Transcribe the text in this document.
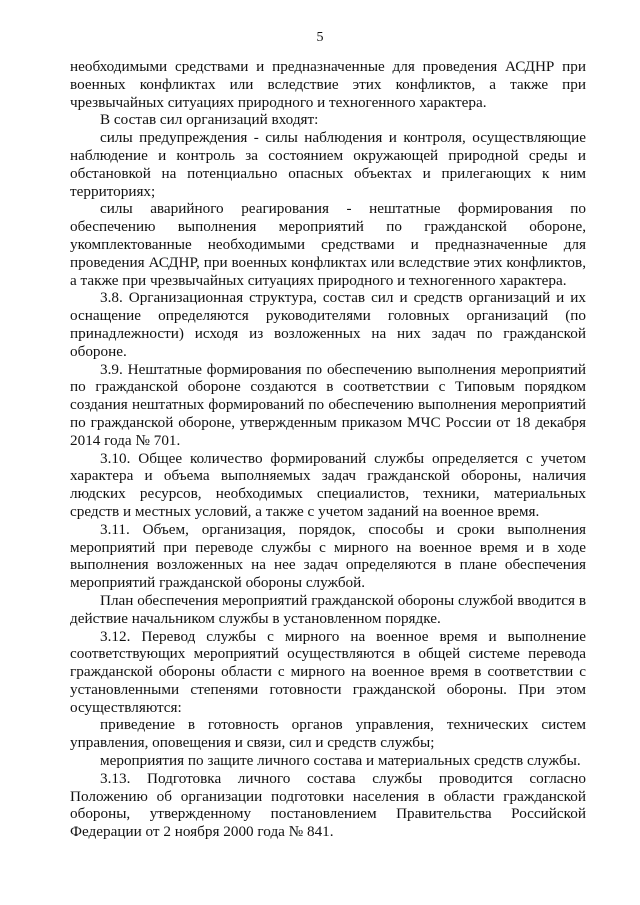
5

необходимыми средствами и предназначенные для проведения АСДНР при военных конфликтах или вследствие этих конфликтов, а также при чрезвычайных ситуациях природного и техногенного характера.

В состав сил организаций входят:

силы предупреждения - силы наблюдения и контроля, осуществляющие наблюдение и контроль за состоянием окружающей природной среды и обстановкой на потенциально опасных объектах и прилегающих к ним территориях;

силы аварийного реагирования - нештатные формирования по обеспечению выполнения мероприятий по гражданской обороне, укомплектованные необходимыми средствами и предназначенные для проведения АСДНР, при военных конфликтах или вследствие этих конфликтов, а также при чрезвычайных ситуациях природного и техногенного характера.

3.8. Организационная структура, состав сил и средств организаций и их оснащение определяются руководителями головных организаций (по принадлежности) исходя из возложенных на них задач по гражданской обороне.

3.9. Нештатные формирования по обеспечению выполнения мероприятий по гражданской обороне создаются в соответствии с Типовым порядком создания нештатных формирований по обеспечению выполнения мероприятий по гражданской обороне, утвержденным приказом МЧС России от 18 декабря 2014 года № 701.

3.10. Общее количество формирований службы определяется с учетом характера и объема выполняемых задач гражданской обороны, наличия людских ресурсов, необходимых специалистов, техники, материальных средств и местных условий, а также с учетом заданий на военное время.

3.11. Объем, организация, порядок, способы и сроки выполнения мероприятий при переводе службы с мирного на военное время и в ходе выполнения возложенных на нее задач определяются в плане обеспечения мероприятий гражданской обороны службой.

План обеспечения мероприятий гражданской обороны службой вводится в действие начальником службы в установленном порядке.

3.12. Перевод службы с мирного на военное время и выполнение соответствующих мероприятий осуществляются в общей системе перевода гражданской обороны области с мирного на военное время в соответствии с установленными степенями готовности гражданской обороны. При этом осуществляются:

приведение в готовность органов управления, технических систем управления, оповещения и связи, сил и средств службы;

мероприятия по защите личного состава и материальных средств службы.

3.13. Подготовка личного состава службы проводится согласно Положению об организации подготовки населения в области гражданской обороны, утвержденному постановлением Правительства Российской Федерации от 2 ноября 2000 года № 841.
